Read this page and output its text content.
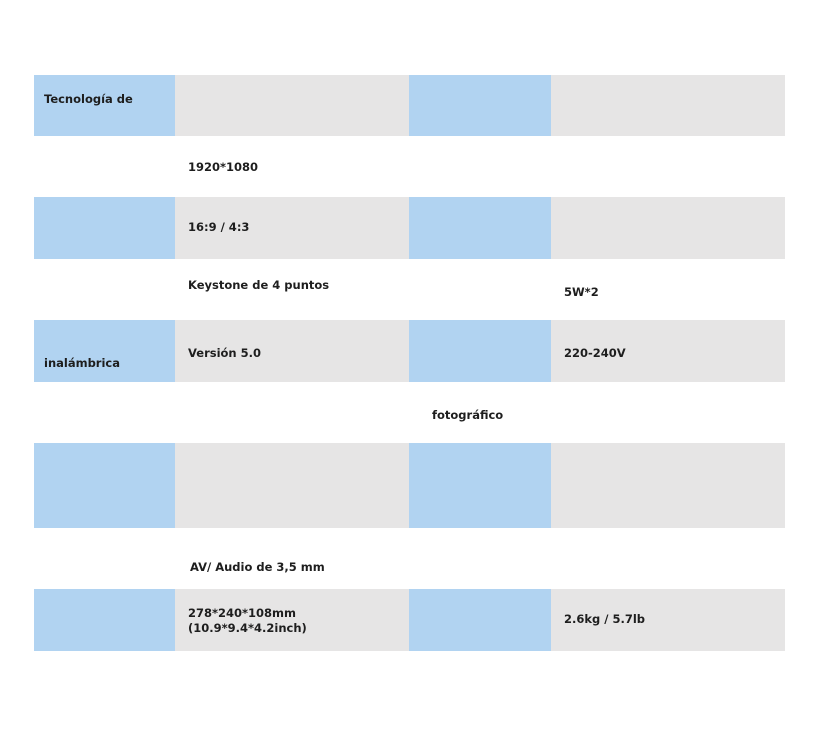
Tecnología de
1920*1080
16:9 / 4:3
Keystone de 4 puntos	5W*2
Versión 5.0	220-240V
inalámbrica
fotográfico
AV/ Audio de 3,5 mm
278*240*108mm
(10.9*9.4*4.2inch)
2.6kg / 5.7lb
